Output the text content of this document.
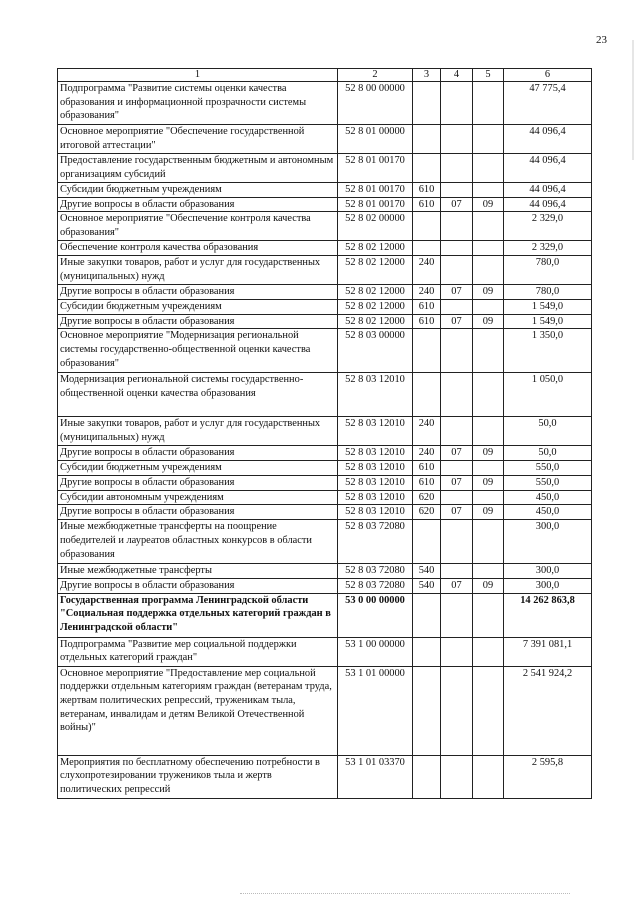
23
1	2	3	4	5	6
Подпрограмма "Развитие системы оценки качества образования и информационной прозрачности системы образования"	52 8 00 00000				47 775,4
Основное мероприятие "Обеспечение государственной итоговой аттестации"	52 8 01 00000				44 096,4
Предоставление государственным бюджетным и автономным организациям субсидий	52 8 01 00170				44 096,4
Субсидии бюджетным учреждениям	52 8 01 00170	610			44 096,4
Другие вопросы в области образования	52 8 01 00170	610	07	09	44 096,4
Основное мероприятие "Обеспечение контроля качества образования"	52 8 02 00000				2 329,0
Обеспечение контроля качества образования	52 8 02 12000				2 329,0
Иные закупки товаров, работ и услуг для государственных (муниципальных) нужд	52 8 02 12000	240			780,0
Другие вопросы в области образования	52 8 02 12000	240	07	09	780,0
Субсидии бюджетным учреждениям	52 8 02 12000	610			1 549,0
Другие вопросы в области образования	52 8 02 12000	610	07	09	1 549,0
Основное мероприятие "Модернизация региональной системы государственно-общественной оценки качества образования"	52 8 03 00000				1 350,0
Модернизация региональной системы государственно-общественной оценки качества образования	52 8 03 12010				1 050,0
Иные закупки товаров, работ и услуг для государственных (муниципальных) нужд	52 8 03 12010	240			50,0
Другие вопросы в области образования	52 8 03 12010	240	07	09	50,0
Субсидии бюджетным учреждениям	52 8 03 12010	610			550,0
Другие вопросы в области образования	52 8 03 12010	610	07	09	550,0
Субсидии автономным учреждениям	52 8 03 12010	620			450,0
Другие вопросы в области образования	52 8 03 12010	620	07	09	450,0
Иные межбюджетные трансферты на поощрение победителей и лауреатов областных конкурсов в области образования	52 8 03 72080				300,0
Иные межбюджетные трансферты	52 8 03 72080	540			300,0
Другие вопросы в области образования	52 8 03 72080	540	07	09	300,0
Государственная программа Ленинградской области "Социальная поддержка отдельных категорий граждан в Ленинградской области"	53 0 00 00000				14 262 863,8
Подпрограмма "Развитие мер социальной поддержки отдельных категорий граждан"	53 1 00 00000				7 391 081,1
Основное мероприятие "Предоставление мер социальной поддержки отдельным категориям граждан (ветеранам труда, жертвам политических репрессий, труженикам тыла, ветеранам, инвалидам и детям Великой Отечественной войны)"	53 1 01 00000				2 541 924,2
Мероприятия по бесплатному обеспечению потребности в слухопротезировании тружеников тыла и жертв политических репрессий	53 1 01 03370				2 595,8
